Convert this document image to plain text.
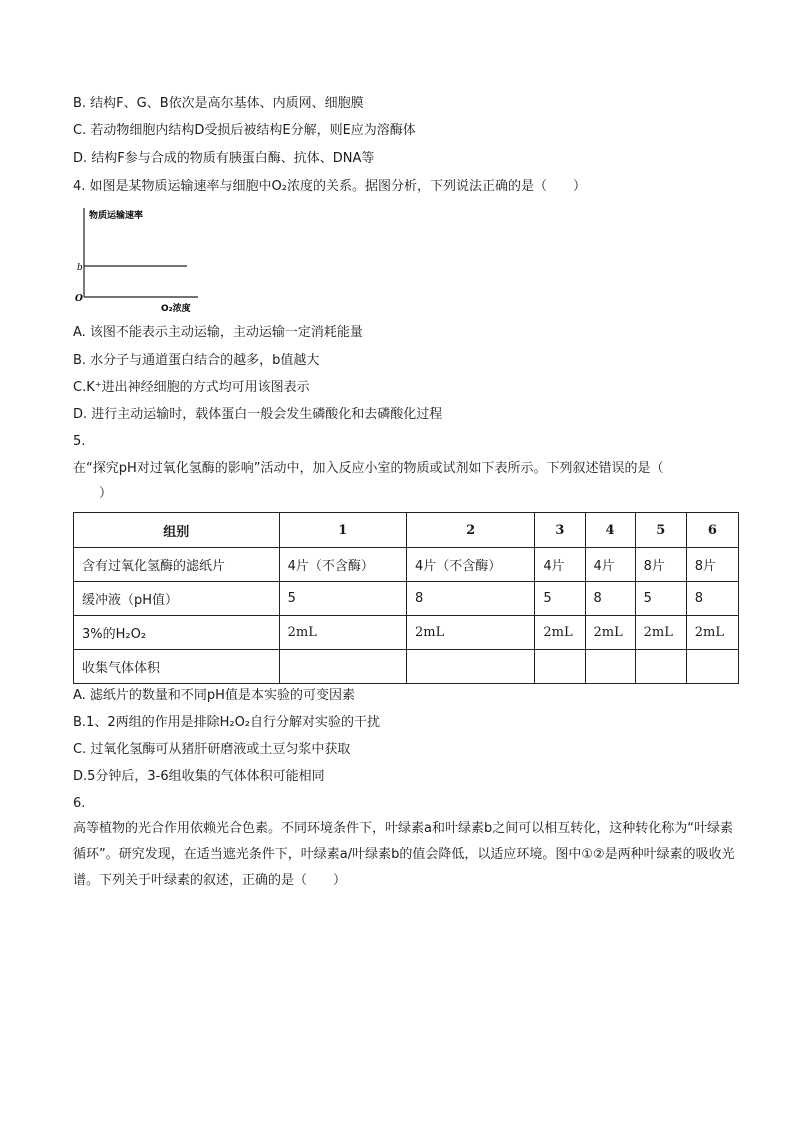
B. 结构F、G、B依次是高尔基体、内质网、细胞膜
C. 若动物细胞内结构D受损后被结构E分解，则E应为溶酶体
D. 结构F参与合成的物质有胰蛋白酶、抗体、DNA等
4. 如图是某物质运输速率与细胞中O₂浓度的关系。据图分析，下列说法正确的是（　　）
物质运输速率
b
O
O₂浓度
A. 该图不能表示主动运输，主动运输一定消耗能量
B. 水分子与通道蛋白结合的越多，b值越大
C.K⁺进出神经细胞的方式均可用该图表示
D. 进行主动运输时，载体蛋白一般会发生磷酸化和去磷酸化过程
5.
在“探究pH对过氧化氢酶的影响”活动中，加入反应小室的物质或试剂如下表所示。下列叙述错误的是（
　　）
组别	1	2	3	4	5	6
含有过氧化氢酶的滤纸片	4片（不含酶）	4片（不含酶）	4片	4片	8片	8片
缓冲液（pH值）	5	8	5	8	5	8
3%的H₂O₂	2mL	2mL	2mL	2mL	2mL	2mL
收集气体体积						
A. 滤纸片的数量和不同pH值是本实验的可变因素
B.1、2两组的作用是排除H₂O₂自行分解对实验的干扰
C. 过氧化氢酶可从猪肝研磨液或土豆匀浆中获取
D.5分钟后，3-6组收集的气体体积可能相同
6.
高等植物的光合作用依赖光合色素。不同环境条件下，叶绿素a和叶绿素b之间可以相互转化，这种转化称为“叶绿素循环”。研究发现，在适当遮光条件下，叶绿素a/叶绿素b的值会降低，以适应环境。图中①②是两种叶绿素的吸收光谱。下列关于叶绿素的叙述，正确的是（　　）
